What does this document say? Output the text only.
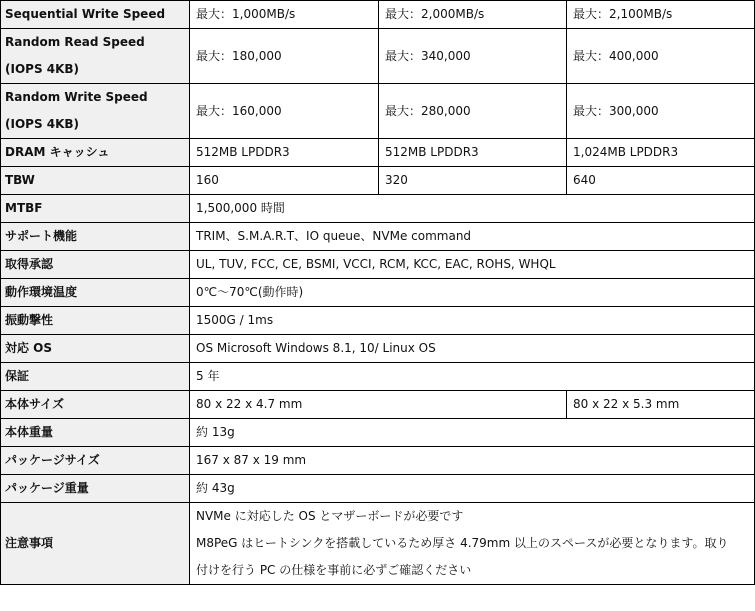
Sequential Write Speed	最大：1,000MB/s	最大：2,000MB/s	最大：2,100MB/s

Random Read Speed
(IOPS 4KB)	最大：180,000	最大：340,000	最大：400,000

Random Write Speed
(IOPS 4KB)	最大：160,000	最大：280,000	最大：300,000

DRAM キャッシュ	512MB LPDDR3	512MB LPDDR3	1,024MB LPDDR3

TBW	160	320	640

MTBF	1,500,000 時間		

サポート機能	TRIM、S.M.A.R.T、IO queue、NVMe command		

取得承認	UL, TUV, FCC, CE, BSMI, VCCI, RCM, KCC, EAC, ROHS, WHQL		

動作環境温度	0℃～70℃(動作時)		

振動撃性	1500G / 1ms		

対応 OS	OS Microsoft Windows 8.1, 10/ Linux OS		

保証	5 年		

本体サイズ	80 x 22 x 4.7 mm		80 x 22 x 5.3 mm

本体重量	約 13g		

パッケージサイズ	167 x 87 x 19 mm		

パッケージ重量	約 43g		
注意事項	NVMe に対応した OS とマザーボードが必要です
M8PeG はヒートシンクを搭載しているため厚さ 4.79mm 以上のスペースが必要となります。取り
付けを行う PC の仕様を事前に必ずご確認ください		
